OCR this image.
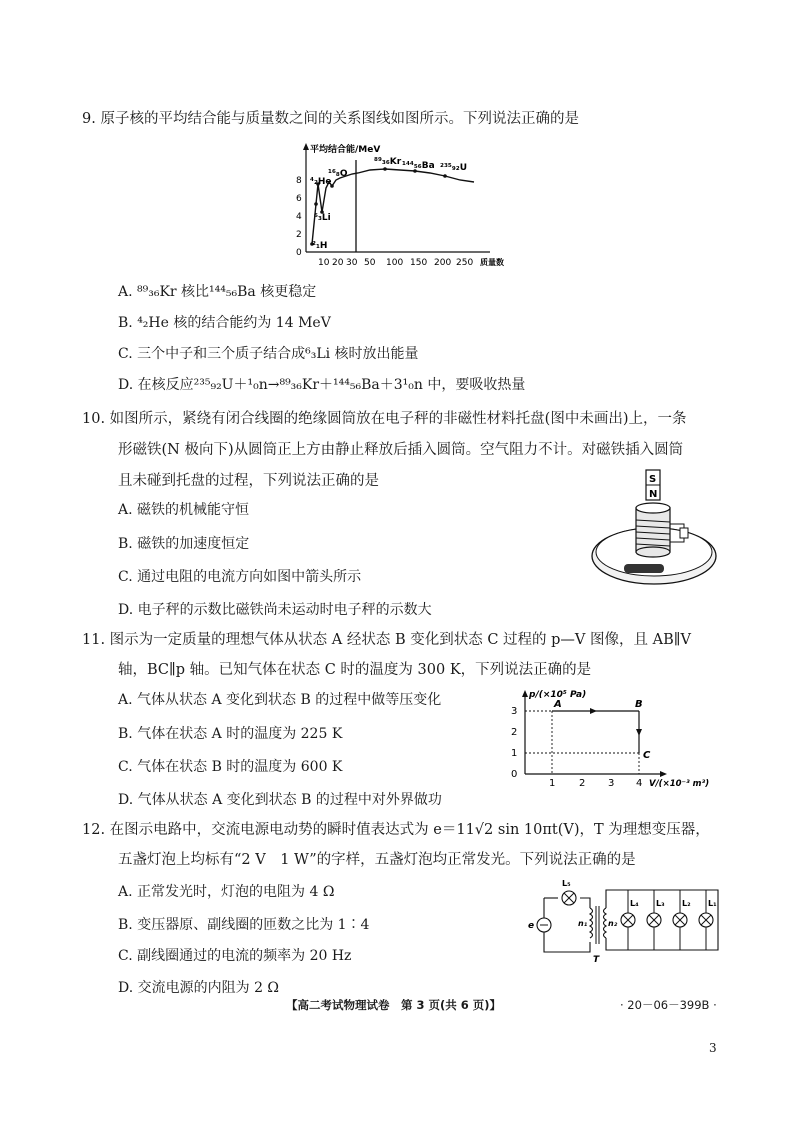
9. 原子核的平均结合能与质量数之间的关系图线如图所示。下列说法正确的是
0
2
4
6
8
平均结合能/MeV
10 20 30 50 100 150 200 250 质量数
⁴₂He
¹⁶₈O
⁶₃Li
²₁H
⁸⁹₃₆Kr ¹⁴⁴₅₆Ba ²³⁵₉₂U
A. ⁸⁹₃₆Kr 核比¹⁴⁴₅₆Ba 核更稳定
B. ⁴₂He 核的结合能约为 14 MeV
C. 三个中子和三个质子结合成⁶₃Li 核时放出能量
D. 在核反应²³⁵₉₂U＋¹₀n→⁸⁹₃₆Kr＋¹⁴⁴₅₆Ba＋3¹₀n 中，要吸收热量
10. 如图所示，紧绕有闭合线圈的绝缘圆筒放在电子秤的非磁性材料托盘(图中未画出)上，一条
形磁铁(N 极向下)从圆筒正上方由静止释放后插入圆筒。空气阻力不计。对磁铁插入圆筒
且未碰到托盘的过程，下列说法正确的是	S
N
A. 磁铁的机械能守恒
B. 磁铁的加速度恒定
C. 通过电阻的电流方向如图中箭头所示
D. 电子秤的示数比磁铁尚未运动时电子秤的示数大
11. 图示为一定质量的理想气体从状态 A 经状态 B 变化到状态 C 过程的 p—V 图像，且 AB∥V
轴，BC∥p 轴。已知气体在状态 C 时的温度为 300 K，下列说法正确的是
p/(×10⁵ Pa)
V/(×10⁻³ m³)
0
1
2
3
1 2 3 4
A	B
C
A. 气体从状态 A 变化到状态 B 的过程中做等压变化
B. 气体在状态 A 时的温度为 225 K
C. 气体在状态 B 时的温度为 600 K
D. 气体从状态 A 变化到状态 B 的过程中对外界做功
12. 在图示电路中，交流电源电动势的瞬时值表达式为 e＝11√2 sin 10πt(V)，T 为理想变压器，
五盏灯泡上均标有“2 V　1 W”的字样，五盏灯泡均正常发光。下列说法正确的是
L₅
e	n₁	n₂
T
L₄ L₃ L₂ L₁
A. 正常发光时，灯泡的电阻为 4 Ω
B. 变压器原、副线圈的匝数之比为 1∶4
C. 副线圈通过的电流的频率为 20 Hz
D. 交流电源的内阻为 2 Ω
【高二考试物理试卷　第 3 页(共 6 页)】	· 20－06－399B ·
3
